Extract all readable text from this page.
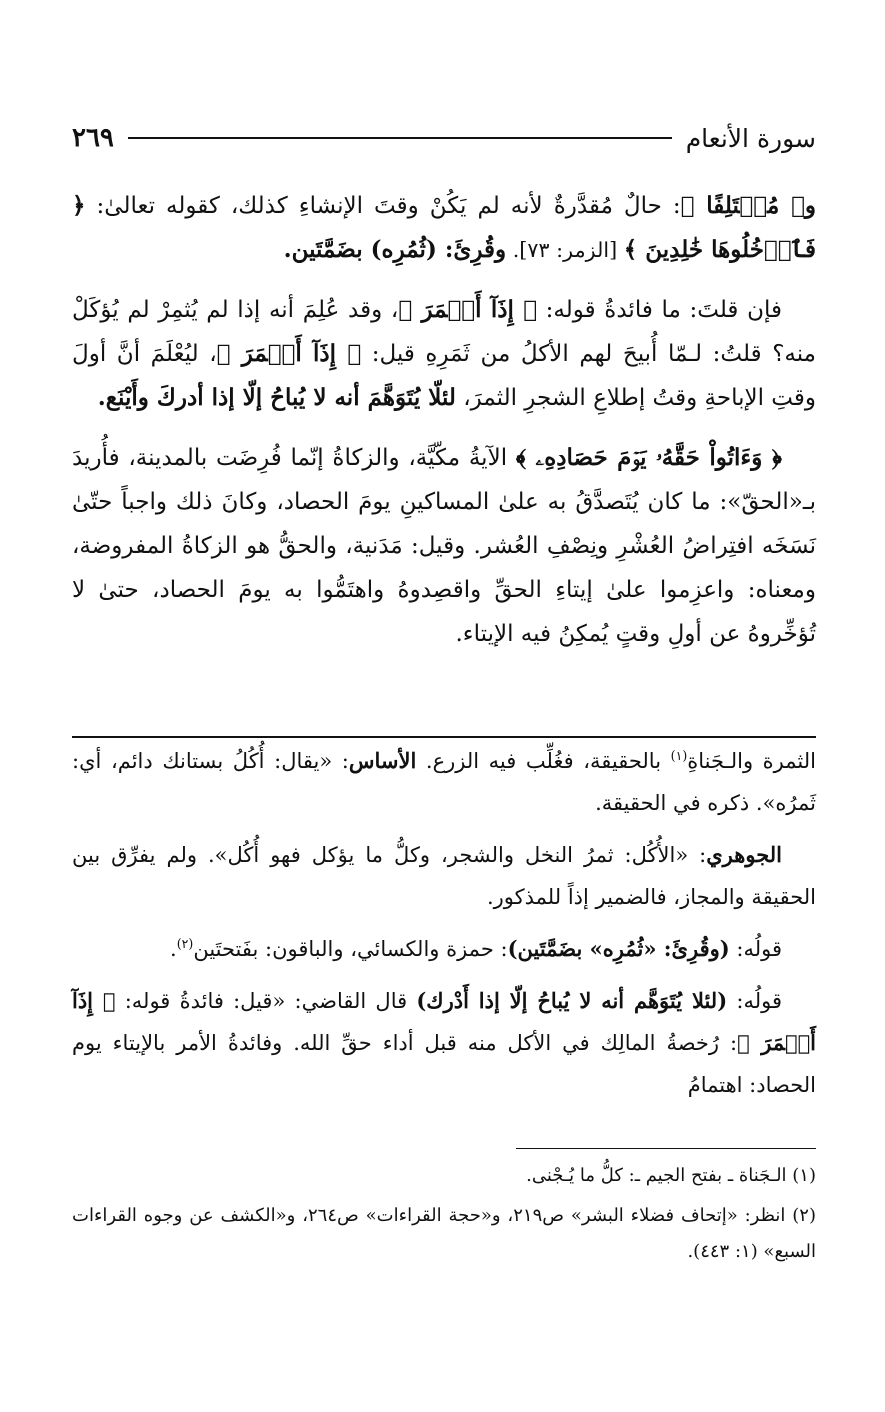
سورة الأنعام
٢٦٩

و﴿ مُخۡتَلِفًا ﴾: حالٌ مُقدَّرةٌ لأنه لم يَكُنْ وقتَ الإنشاءِ كذلك، كقوله تعالىٰ: ﴿ فَٱدۡخُلُوهَا خَٰلِدِينَ ﴾ [الزمر: ٧٣]. وقُرِئَ: (ثُمُرِه) بضَمَّتَين.

فإن قلتَ: ما فائدةُ قوله: ﴿ إِذَآ أَثۡمَرَ ﴾، وقد عُلِمَ أنه إذا لم يُثمِرْ لم يُؤكَلْ منه؟ قلتُ: لـمّا أُبيحَ لهم الأكلُ من ثَمَرِهِ قيل: ﴿ إِذَآ أَثۡمَرَ ﴾، ليُعْلَمَ أنَّ أولَ وقتِ الإباحةِ وقتُ إطلاعِ الشجرِ الثمرَ، لئلّا يُتَوَهَّمَ أنه لا يُباحُ إلّا إذا أدركَ وأَيْنَع.

﴿ وَءَاتُواْ حَقَّهُۥ يَوۡمَ حَصَادِهِۦ ﴾ الآيةُ مكّيَّة، والزكاةُ إنّما فُرِضَت بالمدينة، فأُريدَ بـ«الحقّ»: ما كان يُتَصدَّقُ به علىٰ المساكينِ يومَ الحصاد، وكانَ ذلك واجباً حتّىٰ نَسَخَه افتِراضُ العُشْرِ ونِصْفِ العُشر. وقيل: مَدَنية، والحقُّ هو الزكاةُ المفروضة، ومعناه: واعزِموا علىٰ إيتاءِ الحقِّ واقصِدوهُ واهتَمُّوا به يومَ الحصاد، حتىٰ لا تُؤخِّروهُ عن أولِ وقتٍ يُمكِنُ فيه الإيتاء.

الثمرة والـجَناةِ$^{(١)}$ بالحقيقة، فغُلِّب فيه الزرع. الأساس: «يقال: أُكُلُ بستانك دائم، أي: ثَمرُه». ذكره في الحقيقة.

الجوهري: «الأُكُل: ثمرُ النخل والشجر، وكلُّ ما يؤكل فهو أُكُل». ولم يفرِّق بين الحقيقة والمجاز، فالضمير إذاً للمذكور.

قولُه: (وقُرِئَ: «ثُمُرِه» بضَمَّتَين): حمزة والكسائي، والباقون: بفَتحتَين$^{(٢)}$.

قولُه: (لئلا يُتَوَهَّم أنه لا يُباحُ إلّا إذا أَدْرك) قال القاضي: «قيل: فائدةُ قوله: ﴿ إِذَآ أَثۡمَرَ ﴾: رُخصةُ المالِك في الأكل منه قبل أداء حقِّ الله. وفائدةُ الأمر بالإيتاء يوم الحصاد: اهتمامُ

(١) الـجَناة ـ بفتح الجيم ـ: كلُّ ما يُـجْنى.

(٢) انظر: «إتحاف فضلاء البشر» ص٢١٩، و«حجة القراءات» ص٢٦٤، و«الكشف عن وجوه القراءات السبع» (١: ٤٤٣).
